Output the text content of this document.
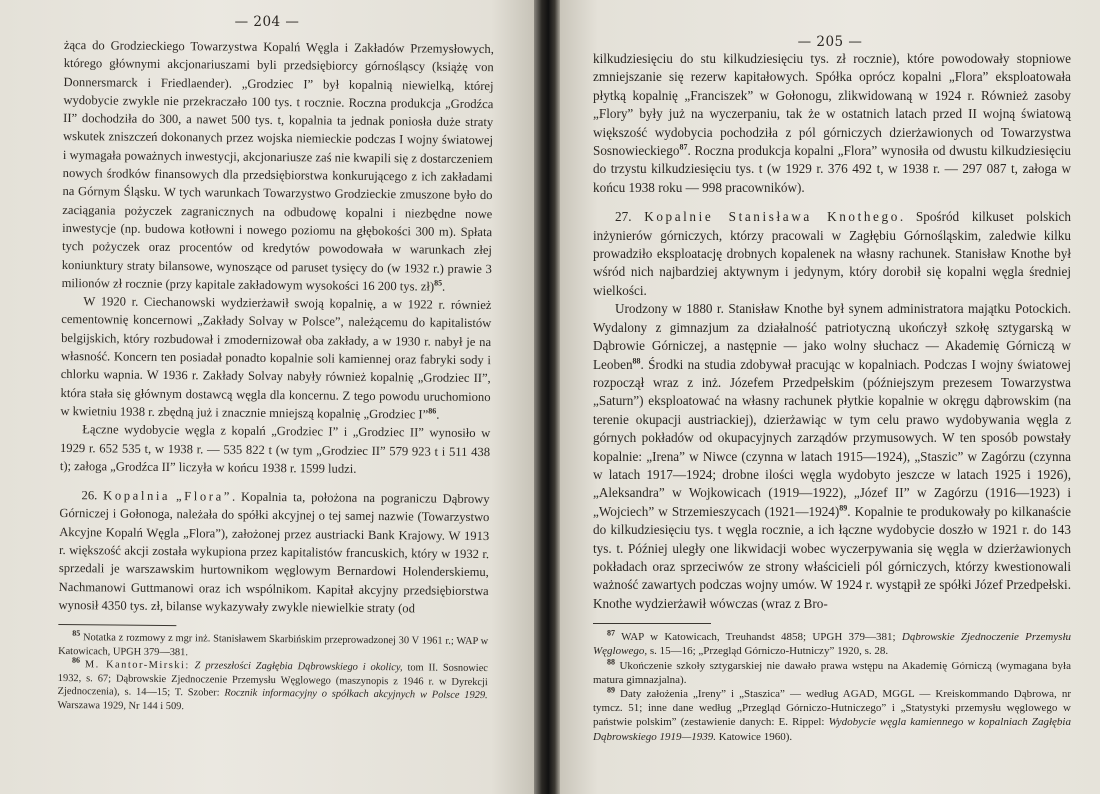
— 204 —

żąca do Grodzieckiego Towarzystwa Kopalń Węgla i Zakładów Przemysłowych, którego głównymi akcjonariuszami byli przedsiębiorcy górnośląscy (książę von Donnersmarck i Friedlaender). „Grodziec I” był kopalnią niewielką, której wydobycie zwykle nie przekraczało 100 tys. t rocznie. Roczna produkcja „Grodźca II” dochodziła do 300, a nawet 500 tys. t, kopalnia ta jednak poniosła duże straty wskutek zniszczeń dokonanych przez wojska niemieckie podczas I wojny światowej i wymagała poważnych inwestycji, akcjonariusze zaś nie kwapili się z dostarczeniem nowych środków finansowych dla przedsiębiorstwa konkurującego z ich zakładami na Górnym Śląsku. W tych warunkach Towarzystwo Grodzieckie zmuszone było do zaciągania pożyczek zagranicznych na odbudowę kopalni i niezbędne nowe inwestycje (np. budowa kotłowni i nowego poziomu na głębokości 300 m). Spłata tych pożyczek oraz procentów od kredytów powodowała w warunkach złej koniunktury straty bilansowe, wynoszące od paruset tysięcy do (w 1932 r.) prawie 3 milionów zł rocznie (przy kapitale zakładowym wysokości 16 200 tys. zł)$^{85}$.

W 1920 r. Ciechanowski wydzierżawił swoją kopalnię, a w 1922 r. również cementownię koncernowi „Zakłady Solvay w Polsce”, należącemu do kapitalistów belgijskich, który rozbudował i zmodernizował oba zakłady, a w 1930 r. nabył je na własność. Koncern ten posiadał ponadto kopalnie soli kamiennej oraz fabryki sody i chlorku wapnia. W 1936 r. Zakłady Solvay nabyły również kopalnię „Grodziec II”, która stała się głównym dostawcą węgla dla koncernu. Z tego powodu uruchomiono w kwietniu 1938 r. zbędną już i znacznie mniejszą kopalnię „Grodziec I”$^{86}$.

Łączne wydobycie węgla z kopalń „Grodziec I” i „Grodziec II” wynosiło w 1929 r. 652 535 t, w 1938 r. — 535 822 t (w tym „Grodziec II” 579 923 t i 511 438 t); załoga „Grodźca II” liczyła w końcu 1938 r. 1599 ludzi.

26. Kopalnia „Flora”. Kopalnia ta, położona na pograniczu Dąbrowy Górniczej i Gołonoga, należała do spółki akcyjnej o tej samej nazwie (Towarzystwo Akcyjne Kopalń Węgla „Flora”), założonej przez austriacki Bank Krajowy. W 1913 r. większość akcji została wykupiona przez kapitalistów francuskich, który w 1932 r. sprzedali je warszawskim hurtownikom węglowym Bernardowi Holenderskiemu, Nachmanowi Guttmanowi oraz ich wspólnikom. Kapitał akcyjny przedsiębiorstwa wynosił 4350 tys. zł, bilanse wykazywały zwykle niewielkie straty (od

$^{85}$ Notatka z rozmowy z mgr inż. Stanisławem Skarbińskim przeprowadzonej 30 V 1961 r.; WAP w Katowicach, UPGH 379—381.

$^{86}$ M. Kantor-Mirski: Z przeszłości Zagłębia Dąbrowskiego i okolicy, tom II. Sosnowiec 1932, s. 67; Dąbrowskie Zjednoczenie Przemysłu Węglowego (maszynopis z 1946 r. w Dyrekcji Zjednoczenia), s. 14—15; T. Szober: Rocznik informacyjny o spółkach akcyjnych w Polsce 1929. Warszawa 1929, Nr 144 i 509.

— 205 —

kilkudziesięciu do stu kilkudziesięciu tys. zł rocznie), które powodowały stopniowe zmniejszanie się rezerw kapitałowych. Spółka oprócz kopalni „Flora” eksploatowała płytką kopalnię „Franciszek” w Gołonogu, zlikwidowaną w 1924 r. Również zasoby „Flory” były już na wyczerpaniu, tak że w ostatnich latach przed II wojną światową większość wydobycia pochodziła z pól górniczych dzierżawionych od Towarzystwa Sosnowieckiego$^{87}$. Roczna produkcja kopalni „Flora” wynosiła od dwustu kilkudziesięciu do trzystu kilkudziesięciu tys. t (w 1929 r. 376 492 t, w 1938 r. — 297 087 t, załoga w końcu 1938 roku — 998 pracowników).

27. Kopalnie Stanisława Knothego. Spośród kilkuset polskich inżynierów górniczych, którzy pracowali w Zagłębiu Górnośląskim, zaledwie kilku prowadziło eksploatację drobnych kopalenek na własny rachunek. Stanisław Knothe był wśród nich najbardziej aktywnym i jedynym, który dorobił się kopalni węgla średniej wielkości.

Urodzony w 1880 r. Stanisław Knothe był synem administratora majątku Potockich. Wydalony z gimnazjum za działalność patriotyczną ukończył szkołę sztygarską w Dąbrowie Górniczej, a następnie — jako wolny słuchacz — Akademię Górniczą w Leoben$^{88}$. Środki na studia zdobywał pracując w kopalniach. Podczas I wojny światowej rozpoczął wraz z inż. Józefem Przedpełskim (późniejszym prezesem Towarzystwa „Saturn”) eksploatować na własny rachunek płytkie kopalnie w okręgu dąbrowskim (na terenie okupacji austriackiej), dzierżawiąc w tym celu prawo wydobywania węgla z górnych pokładów od okupacyjnych zarządów przymusowych. W ten sposób powstały kopalnie: „Irena” w Niwce (czynna w latach 1915—1924), „Staszic” w Zagórzu (czynna w latach 1917—1924; drobne ilości węgla wydobyto jeszcze w latach 1925 i 1926), „Aleksandra” w Wojkowicach (1919—1922), „Józef II” w Zagórzu (1916—1923) i „Wojciech” w Strzemieszycach (1921—1924)$^{89}$. Kopalnie te produkowały po kilkanaście do kilkudziesięciu tys. t węgla rocznie, a ich łączne wydobycie doszło w 1921 r. do 143 tys. t. Później uległy one likwidacji wobec wyczerpywania się węgla w dzierżawionych pokładach oraz sprzeciwów ze strony właścicieli pól górniczych, którzy kwestionowali ważność zawartych podczas wojny umów. W 1924 r. wystąpił ze spółki Józef Przedpełski. Knothe wydzierżawił wówczas (wraz z Bro-

$^{87}$ WAP w Katowicach, Treuhandst 4858; UPGH 379—381; Dąbrowskie Zjednoczenie Przemysłu Węglowego, s. 15—16; „Przegląd Górniczo-Hutniczy” 1920, s. 28.

$^{88}$ Ukończenie szkoły sztygarskiej nie dawało prawa wstępu na Akademię Górniczą (wymagana była matura gimnazjalna).

$^{89}$ Daty założenia „Ireny” i „Staszica” — według AGAD, MGGL — Kreiskommando Dąbrowa, nr tymcz. 51; inne dane według „Przegląd Górniczo-Hutniczego” i „Statystyki przemysłu węglowego w państwie polskim” (zestawienie danych: E. Rippel: Wydobycie węgla kamiennego w kopalniach Zagłębia Dąbrowskiego 1919—1939. Katowice 1960).
